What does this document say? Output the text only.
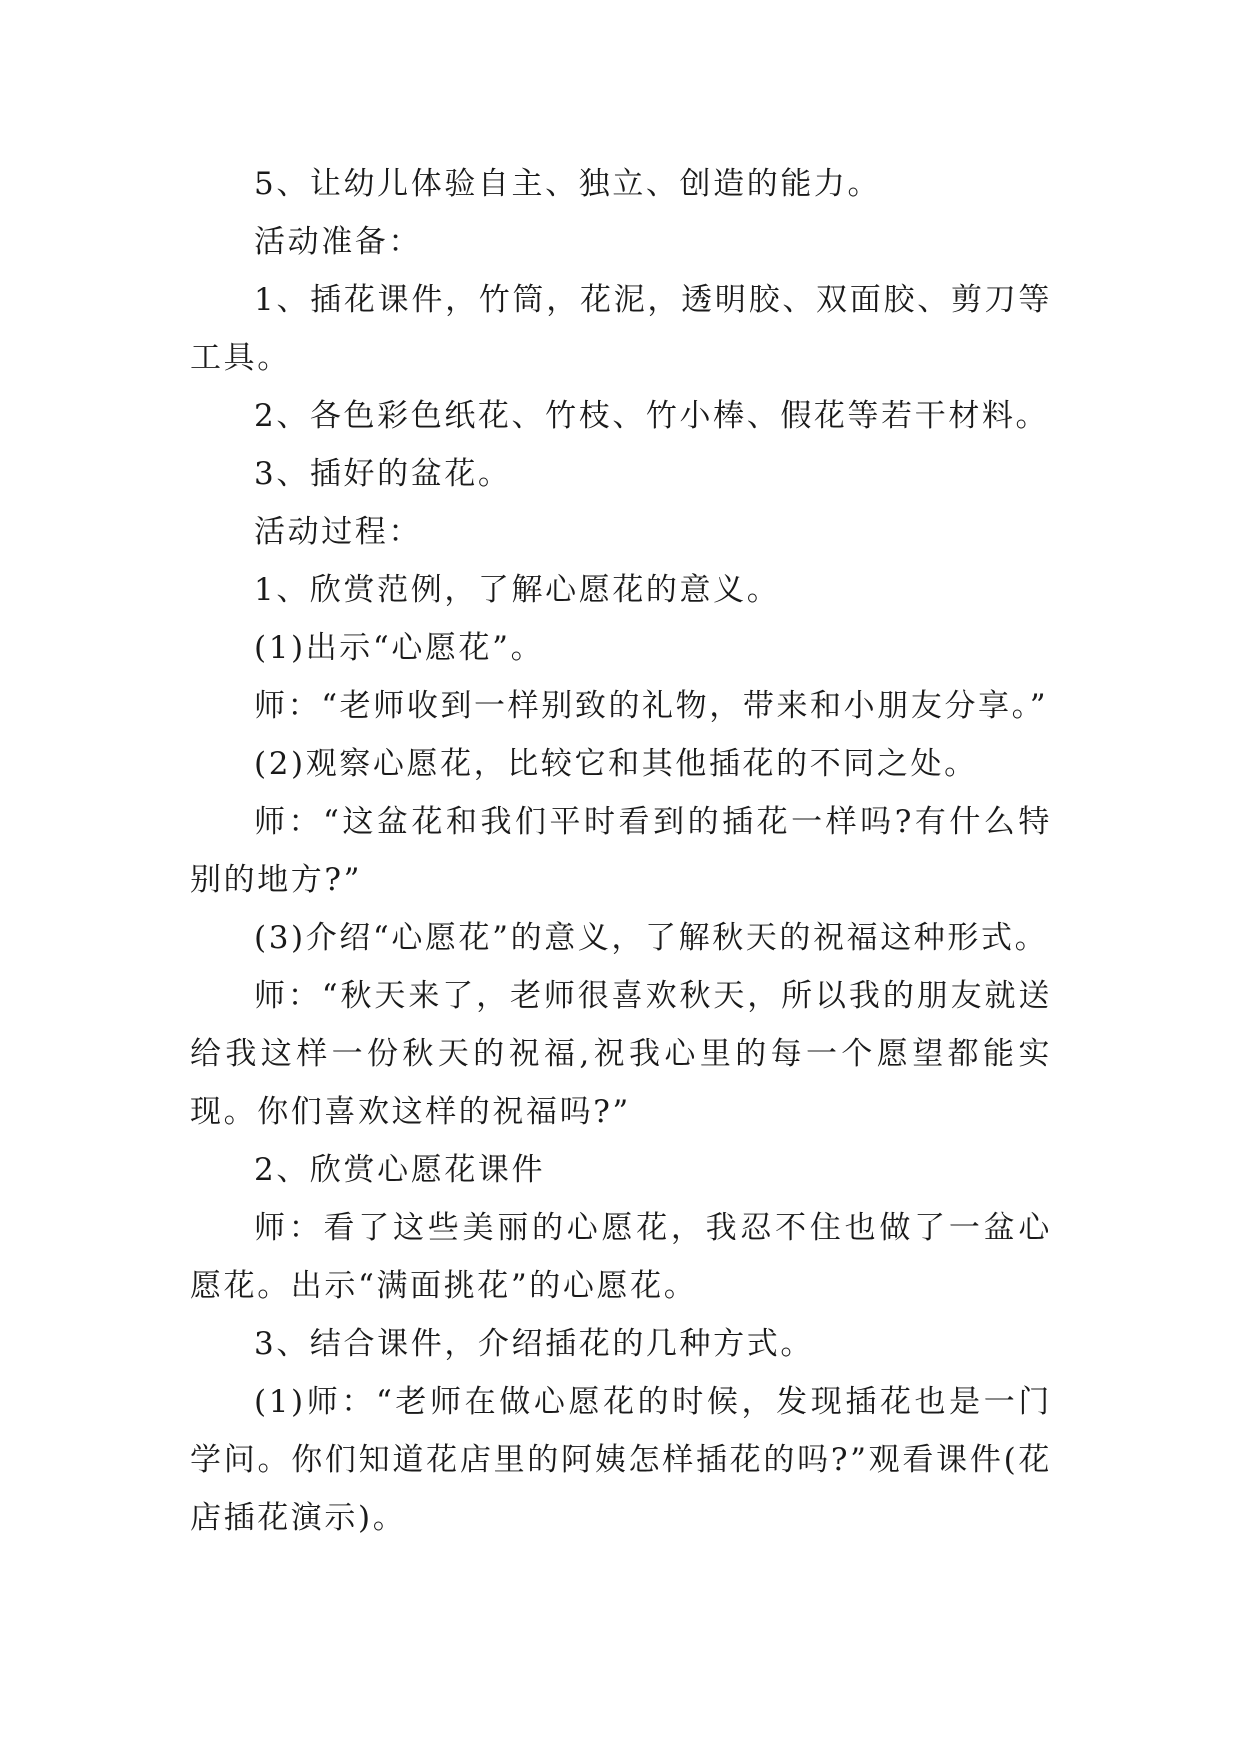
5、让幼儿体验自主、独立、创造的能力。

活动准备：

1、插花课件，竹筒，花泥，透明胶、双面胶、剪刀等工具。

2、各色彩色纸花、竹枝、竹小棒、假花等若干材料。

3、插好的盆花。

活动过程：

1、欣赏范例，了解心愿花的意义。

(1)出示“心愿花”。

师：“老师收到一样别致的礼物，带来和小朋友分享。”

(2)观察心愿花，比较它和其他插花的不同之处。

师：“这盆花和我们平时看到的插花一样吗?有什么特别的地方?”

(3)介绍“心愿花”的意义，了解秋天的祝福这种形式。

师：“秋天来了，老师很喜欢秋天，所以我的朋友就送给我这样一份秋天的祝福,祝我心里的每一个愿望都能实现。你们喜欢这样的祝福吗?”

2、欣赏心愿花课件

师：看了这些美丽的心愿花，我忍不住也做了一盆心愿花。出示“满面挑花”的心愿花。

3、结合课件，介绍插花的几种方式。

(1)师：“老师在做心愿花的时候，发现插花也是一门学问。你们知道花店里的阿姨怎样插花的吗?”观看课件(花店插花演示)。
